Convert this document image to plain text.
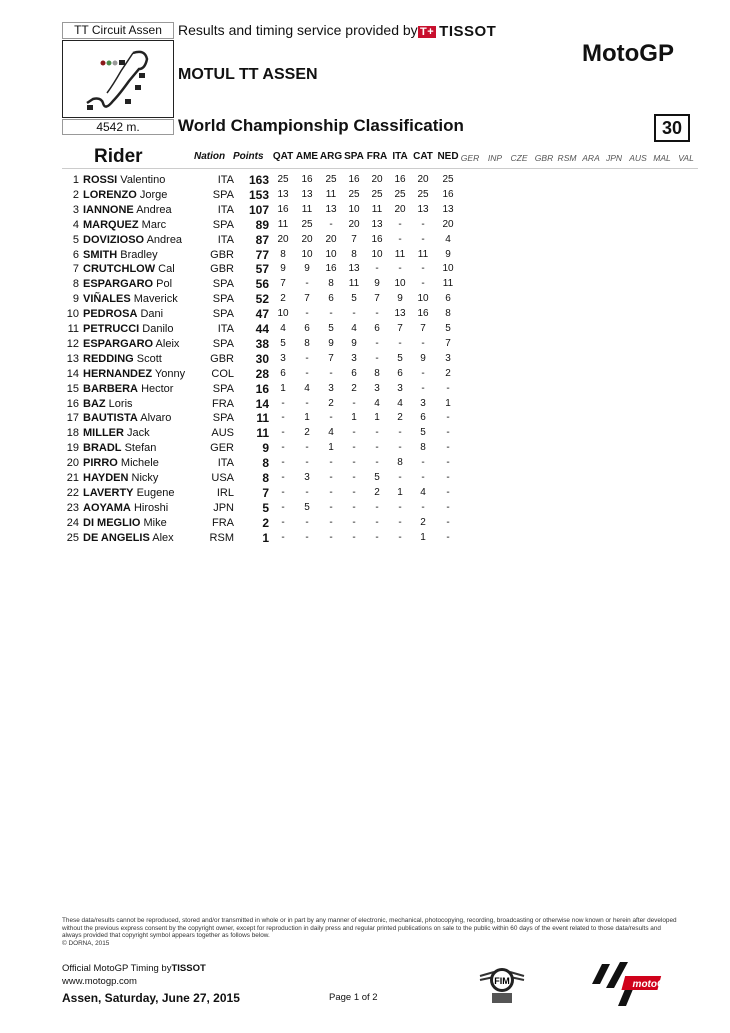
TT Circuit Assen
4542 m.
Results and timing service provided by T+ TISSOT
MotoGP
MOTUL TT ASSEN
World Championship Classification	30
Rider	Nation Points QAT AME ARG SPA FRA ITA CAT NED GER INP CZE GBR RSM ARA JPN AUS MAL VAL
1 ROSSI Valentino	ITA 163 25 16 25 16 20 16 20 25
2 LORENZO Jorge	SPA 153 13 13 11 25 25 25 25 16
3 IANNONE Andrea	ITA 107 16 11 13 10 11 20 13 13
4 MARQUEZ Marc	SPA 89 11 25 - 20 13 - - 20
5 DOVIZIOSO Andrea	ITA 87 20 20 20 7 16 - - 4
6 SMITH Bradley	GBR 77 8 10 10 8 10 11 11 9
7 CRUTCHLOW Cal	GBR 57 9 9 16 13 - - - 10
8 ESPARGARO Pol	SPA 56 7 - 8 11 9 10 - 11
9 VIÑALES Maverick	SPA 52 2 7 6 5 7 9 10 6
10 PEDROSA Dani	SPA 47 10 - - - - 13 16 8
11 PETRUCCI Danilo	ITA 44 4 6 5 4 6 7 7 5
12 ESPARGARO Aleix	SPA 38 5 8 9 9 - - - 7
13 REDDING Scott	GBR 30 3 - 7 3 - 5 9 3
14 HERNANDEZ Yonny COL 28 6 - - 6 8 6 - 2
15 BARBERA Hector	SPA 16 1 4 3 2 3 3 - -
16 BAZ Loris	FRA 14 - - 2 - 4 4 3 1
17 BAUTISTA Alvaro	SPA 11 - 1 - 1 1 2 6 -
18 MILLER Jack	AUS 11 - 2 4 - - - 5 -
19 BRADL Stefan	GER 9 - - 1 - - - 8 -
20 PIRRO Michele	ITA 8 - - - - - 8 - -
21 HAYDEN Nicky	USA 8 - 3 - - 5 - - -
22 LAVERTY Eugene	IRL 7 - - - - 2 1 4 -
23 AOYAMA Hiroshi	JPN 5 - 5 - - - - - -
24 DI MEGLIO Mike	FRA 2 - - - - - - 2 -
25 DE ANGELIS Alex	RSM 1 - - - - - - 1 -
These data/results cannot be reproduced, stored and/or transmitted in whole or in part by any manner of electronic, mechanical, photocopying, recording, broadcasting or otherwise now known or herein after developed without the previous express consent by the copyright owner, except for reproduction in daily press and regular printed publications on sale to the public within 60 days of the event related to those data/results and always provided that copyright symbol appears together as follows below.
© DORNA, 2015
Official MotoGP Timing byTISSOT
www.motogp.com
Assen, Saturday, June 27, 2015	Page 1 of 2
FIM	motoGP
